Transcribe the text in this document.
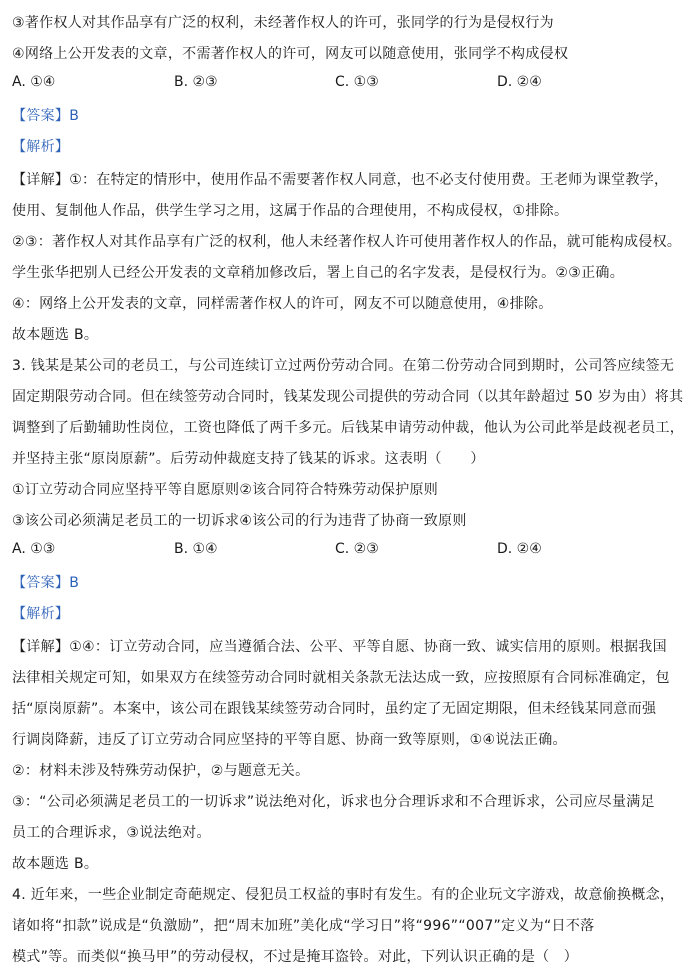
③著作权人对其作品享有广泛的权利，未经著作权人的许可，张同学的行为是侵权行为
④网络上公开发表的文章，不需著作权人的许可，网友可以随意使用，张同学不构成侵权
A. ①④	B. ②③	C. ①③	D. ②④
【答案】B
【解析】
【详解】①：在特定的情形中，使用作品不需要著作权人同意，也不必支付使用费。王老师为课堂教学，
使用、复制他人作品，供学生学习之用，这属于作品的合理使用，不构成侵权，①排除。
②③：著作权人对其作品享有广泛的权利，他人未经著作权人许可使用著作权人的作品，就可能构成侵权。
学生张华把别人已经公开发表的文章稍加修改后，署上自己的名字发表，是侵权行为。②③正确。
④：网络上公开发表的文章，同样需著作权人的许可，网友不可以随意使用，④排除。
故本题选 B。
3. 钱某是某公司的老员工，与公司连续订立过两份劳动合同。在第二份劳动合同到期时，公司答应续签无
固定期限劳动合同。但在续签劳动合同时，钱某发现公司提供的劳动合同（以其年龄超过 50 岁为由）将其
调整到了后勤辅助性岗位，工资也降低了两千多元。后钱某申请劳动仲裁，他认为公司此举是歧视老员工，
并坚持主张“原岗原薪”。后劳动仲裁庭支持了钱某的诉求。这表明（　　）
①订立劳动合同应坚持平等自愿原则②该合同符合特殊劳动保护原则
③该公司必须满足老员工的一切诉求④该公司的行为违背了协商一致原则
A. ①③	B. ①④	C. ②③	D. ②④
【答案】B
【解析】
【详解】①④：订立劳动合同，应当遵循合法、公平、平等自愿、协商一致、诚实信用的原则。根据我国
法律相关规定可知，如果双方在续签劳动合同时就相关条款无法达成一致，应按照原有合同标准确定，包
括“原岗原薪”。本案中，该公司在跟钱某续签劳动合同时，虽约定了无固定期限，但未经钱某同意而强
行调岗降薪，违反了订立劳动合同应坚持的平等自愿、协商一致等原则，①④说法正确。
②：材料未涉及特殊劳动保护，②与题意无关。
③：“公司必须满足老员工的一切诉求”说法绝对化，诉求也分合理诉求和不合理诉求，公司应尽量满足
员工的合理诉求，③说法绝对。
故本题选 B。
4. 近年来，一些企业制定奇葩规定、侵犯员工权益的事时有发生。有的企业玩文字游戏，故意偷换概念，
诸如将“扣款”说成是“负激励”，把“周末加班”美化成“学习日”将“996”“007”定义为“日不落
模式”等。而类似“换马甲”的劳动侵权，不过是掩耳盗铃。对此，下列认识正确的是（　）
